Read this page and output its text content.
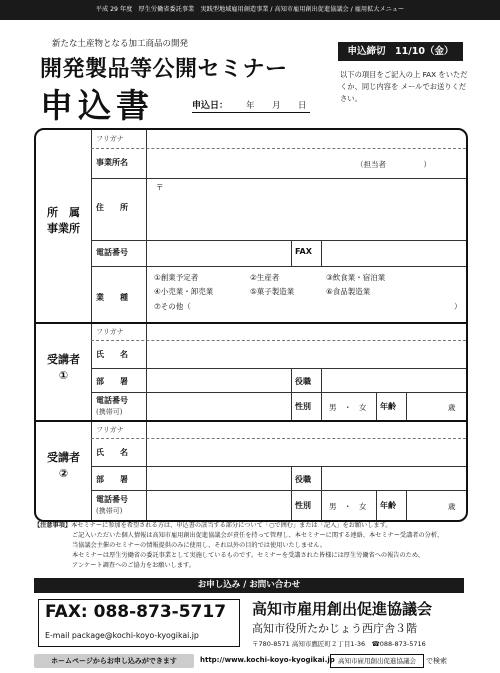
平成 29 年度　厚生労働省委託事業　実践型地域雇用創造事業 / 高知市雇用創出促進協議会 / 雇用拡大メニュー
新たな土産物となる加工商品の開発
開発製品等公開セミナー
申込書	申込日： 年 月 日
申込締切　11/10（金）
以下の項目をご記入の上 FAX をいただくか、同じ内容を メールでお送りください。
所　属
事業所
フリガナ
事業所名	（担当者　　　　　）
住　　所
〒
電話番号	FAX
業　　種
①創業予定者	②生産者	③飲食業・宿泊業
④小売業・卸売業	⑤菓子製造業	⑥食品製造業
⑦その他（	）
受講者
①
フリガナ
氏　　名
部　　署	役職
電話番号
(携帯可)
性別 男　・　女 年齢	歳
受講者
②
フリガナ
氏　　名
部　　署	役職
電話番号
(携帯可)
性別 男　・　女 年齢	歳
【注意事項】本セミナーに参加を希望される方は、申込書の該当する部分について「○で囲む」または「記入」をお願いします。
ご記入いただいた個人情報は高知市雇用創出促進協議会が責任を持って管理し、本セミナーに関する連絡、本セミナー受講者の分析、
当協議会主催のセミナーの情報提供のみに使用し、それ以外の目的では使用いたしません。
本セミナーは厚生労働省の委託事業として実施しているものです。セミナーを受講された皆様には厚生労働省への報告のため、
アンケート調査へのご協力をお願いします。
お申し込み / お問い合わせ
FAX: 088-873-5717
E-mail package@kochi-koyo-kyogikai.jp
高知市雇用創出促進協議会
高知市役所たかじょう西庁舎３階
〒780-8571 高知市鷹匠町２丁目1-36　☎088-873-5716
ホームページからお申し込みができます	http://www.kochi-koyo-kyogikai.jp 高知市雇用創出促進協議会	で検索
